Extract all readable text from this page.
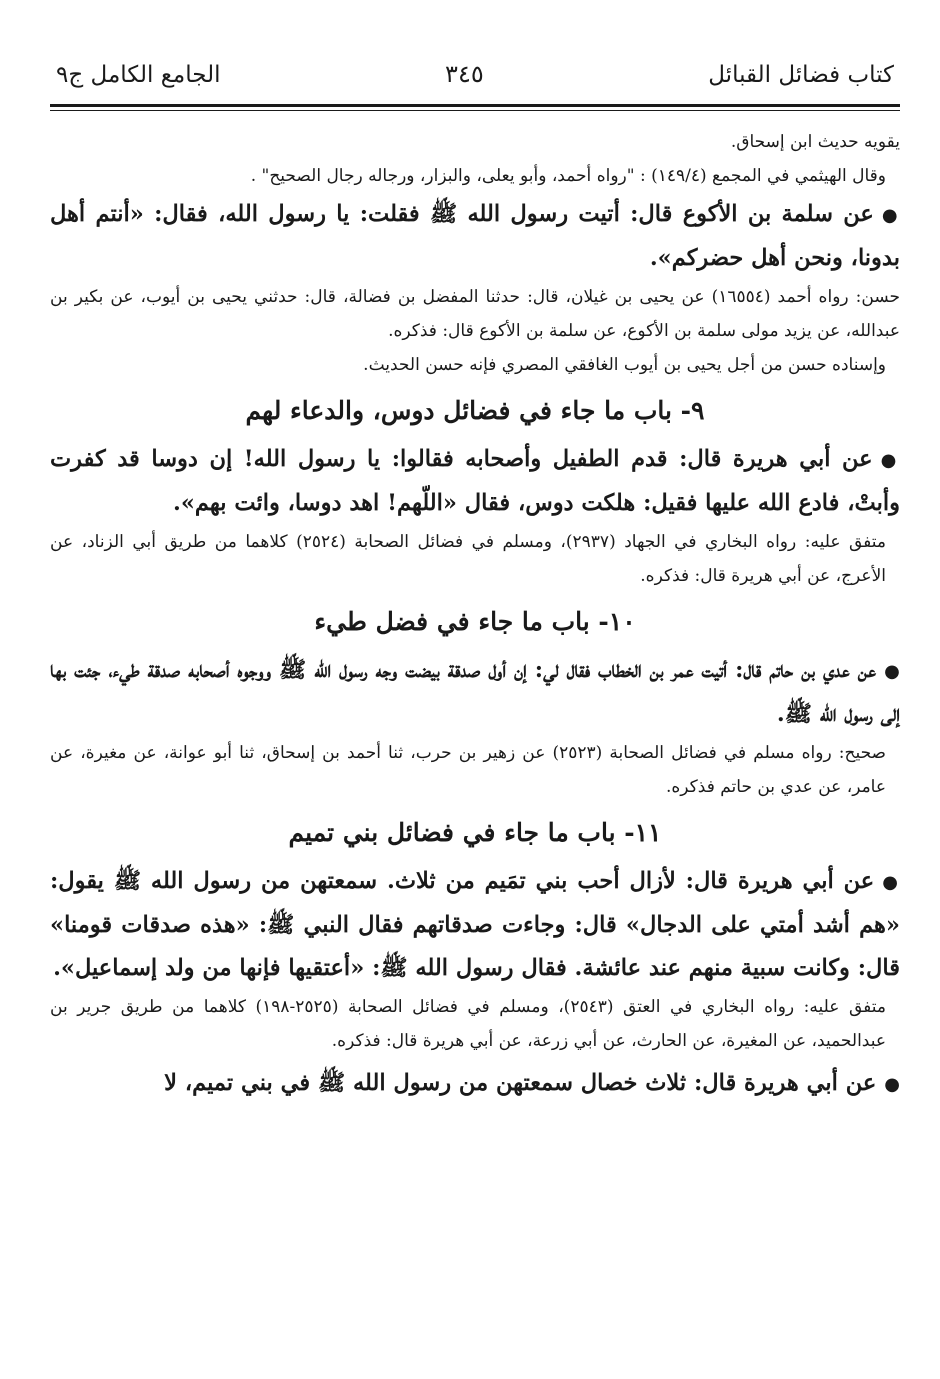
كتاب فضائل القبائل
٣٤٥
الجامع الكامل ج٩

يقويه حديث ابن إسحاق.

وقال الهيثمي في المجمع (١٤٩/٤) : "رواه أحمد، وأبو يعلى، والبزار، ورجاله رجال الصحيح" .

●عن سلمة بن الأكوع قال: أتيت رسول الله ﷺ فقلت: يا رسول الله، فقال: «أنتم أهل بدونا، ونحن أهل حضركم».

حسن: رواه أحمد (١٦٥٥٤) عن يحيى بن غيلان، قال: حدثنا المفضل بن فضالة، قال: حدثني يحيى بن أيوب، عن بكير بن عبدالله، عن يزيد مولى سلمة بن الأكوع، عن سلمة بن الأكوع قال: فذكره.

وإسناده حسن من أجل يحيى بن أيوب الغافقي المصري فإنه حسن الحديث.

٩- باب ما جاء في فضائل دوس، والدعاء لهم

●عن أبي هريرة قال: قدم الطفيل وأصحابه فقالوا: يا رسول الله! إن دوسا قد كفرت وأبتْ، فادع الله عليها فقيل: هلكت دوس، فقال «اللّهم! اهد دوسا، وائت بهم».

متفق عليه: رواه البخاري في الجهاد (٢٩٣٧)، ومسلم في فضائل الصحابة (٢٥٢٤) كلاهما من طريق أبي الزناد، عن الأعرج، عن أبي هريرة قال: فذكره.

١٠- باب ما جاء في فضل طيء

●عن عدي بن حاتم قال: أتيت عمر بن الخطاب فقال لي: إن أول صدقة بيضت وجه رسول الله ﷺ ووجوه أصحابه صدقة طيء، جئت بها إلى رسول الله ﷺ.

صحيح: رواه مسلم في فضائل الصحابة (٢٥٢٣) عن زهير بن حرب، ثنا أحمد بن إسحاق، ثنا أبو عوانة، عن مغيرة، عن عامر، عن عدي بن حاتم فذكره.

١١- باب ما جاء في فضائل بني تميم

●عن أبي هريرة قال: لأزال أحب بني تمَيم من ثلاث. سمعتهن من رسول الله ﷺ يقول: «هم أشد أمتي على الدجال» قال: وجاءت صدقاتهم فقال النبي ﷺ: «هذه صدقات قومنا» قال: وكانت سبية منهم عند عائشة. فقال رسول الله ﷺ: «أعتقيها فإنها من ولد إسماعيل».

متفق عليه: رواه البخاري في العتق (٢٥٤٣)، ومسلم في فضائل الصحابة (٢٥٢٥-١٩٨) كلاهما من طريق جرير بن عبدالحميد، عن المغيرة، عن الحارث، عن أبي زرعة، عن أبي هريرة قال: فذكره.

●عن أبي هريرة قال: ثلاث خصال سمعتهن من رسول الله ﷺ في بني تميم، لا
